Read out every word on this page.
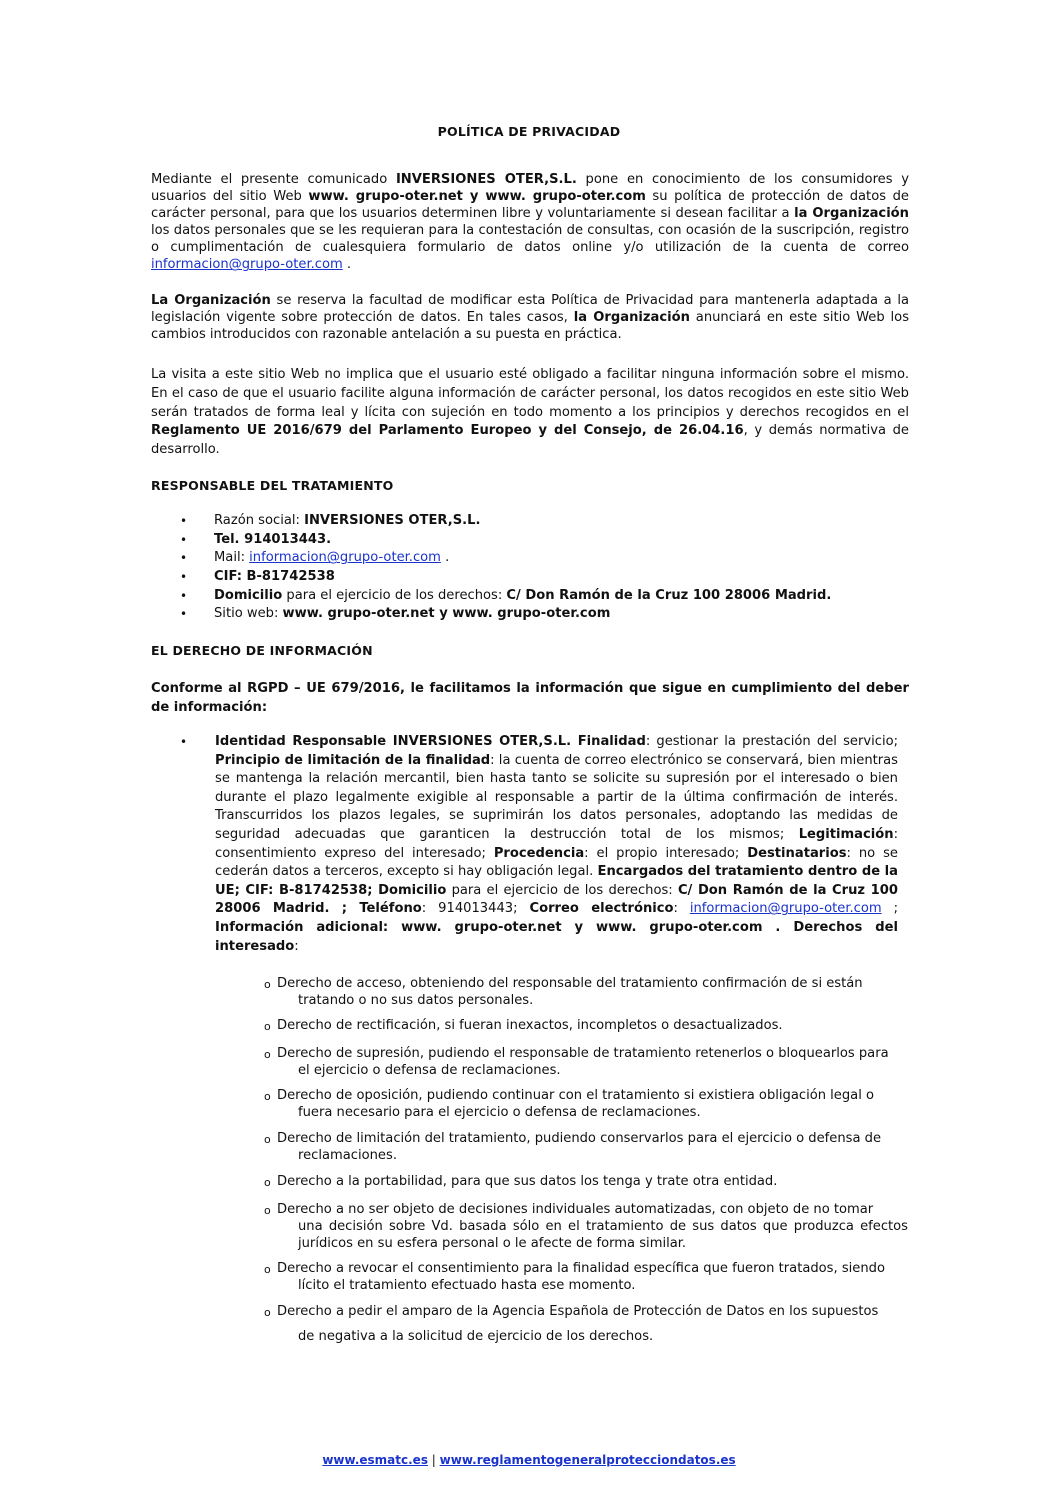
POLÍTICA DE PRIVACIDAD
Mediante el presente comunicado INVERSIONES OTER,S.L. pone en conocimiento de los consumidores y usuarios del sitio Web www. grupo-oter.net y www. grupo-oter.com su política de protección de datos de carácter personal, para que los usuarios determinen libre y voluntariamente si desean facilitar a la Organización los datos personales que se les requieran para la contestación de consultas, con ocasión de la suscripción, registro o cumplimentación de cualesquiera formulario de datos online y/o utilización de la cuenta de correo informacion@grupo-oter.com .
La Organización se reserva la facultad de modificar esta Política de Privacidad para mantenerla adaptada a la legislación vigente sobre protección de datos. En tales casos, la Organización anunciará en este sitio Web los cambios introducidos con razonable antelación a su puesta en práctica.
La visita a este sitio Web no implica que el usuario esté obligado a facilitar ninguna información sobre el mismo. En el caso de que el usuario facilite alguna información de carácter personal, los datos recogidos en este sitio Web serán tratados de forma leal y lícita con sujeción en todo momento a los principios y derechos recogidos en el Reglamento UE 2016/679 del Parlamento Europeo y del Consejo, de 26.04.16, y demás normativa de desarrollo.
RESPONSABLE DEL TRATAMIENTO
• Razón social: INVERSIONES OTER,S.L.
• Tel. 914013443.
• Mail: informacion@grupo-oter.com .
• CIF: B-81742538
• Domicilio para el ejercicio de los derechos: C/ Don Ramón de la Cruz 100 28006 Madrid.
• Sitio web: www. grupo-oter.net y www. grupo-oter.com
EL DERECHO DE INFORMACIÓN
Conforme al RGPD – UE 679/2016, le facilitamos la información que sigue en cumplimiento del deber de información:
• Identidad Responsable INVERSIONES OTER,S.L. Finalidad: gestionar la prestación del servicio; Principio de limitación de la finalidad: la cuenta de correo electrónico se conservará, bien mientras se mantenga la relación mercantil, bien hasta tanto se solicite su supresión por el interesado o bien durante el plazo legalmente exigible al responsable a partir de la última confirmación de interés. Transcurridos los plazos legales, se suprimirán los datos personales, adoptando las medidas de seguridad adecuadas que garanticen la destrucción total de los mismos; Legitimación: consentimiento expreso del interesado; Procedencia: el propio interesado; Destinatarios: no se cederán datos a terceros, excepto si hay obligación legal. Encargados del tratamiento dentro de la UE; CIF: B-81742538; Domicilio para el ejercicio de los derechos: C/ Don Ramón de la Cruz 100 28006 Madrid. ; Teléfono: 914013443; Correo electrónico: informacion@grupo-oter.com ; Información adicional: www. grupo-oter.net y www. grupo-oter.com . Derechos del interesado:
o Derecho de acceso, obteniendo del responsable del tratamiento confirmación de si están
tratando o no sus datos personales.
o Derecho de rectificación, si fueran inexactos, incompletos o desactualizados.
o Derecho de supresión, pudiendo el responsable de tratamiento retenerlos o bloquearlos para
el ejercicio o defensa de reclamaciones.
o Derecho de oposición, pudiendo continuar con el tratamiento si existiera obligación legal o
fuera necesario para el ejercicio o defensa de reclamaciones.
o Derecho de limitación del tratamiento, pudiendo conservarlos para el ejercicio o defensa de
reclamaciones.
o Derecho a la portabilidad, para que sus datos los tenga y trate otra entidad.
o Derecho a no ser objeto de decisiones individuales automatizadas, con objeto de no tomar
una decisión sobre Vd. basada sólo en el tratamiento de sus datos que produzca efectos jurídicos en su esfera personal o le afecte de forma similar.
o Derecho a revocar el consentimiento para la finalidad específica que fueron tratados, siendo
lícito el tratamiento efectuado hasta ese momento.
o Derecho a pedir el amparo de la Agencia Española de Protección de Datos en los supuestos
de negativa a la solicitud de ejercicio de los derechos.
www.esmatc.es | www.reglamentogeneralprotecciondatos.es
